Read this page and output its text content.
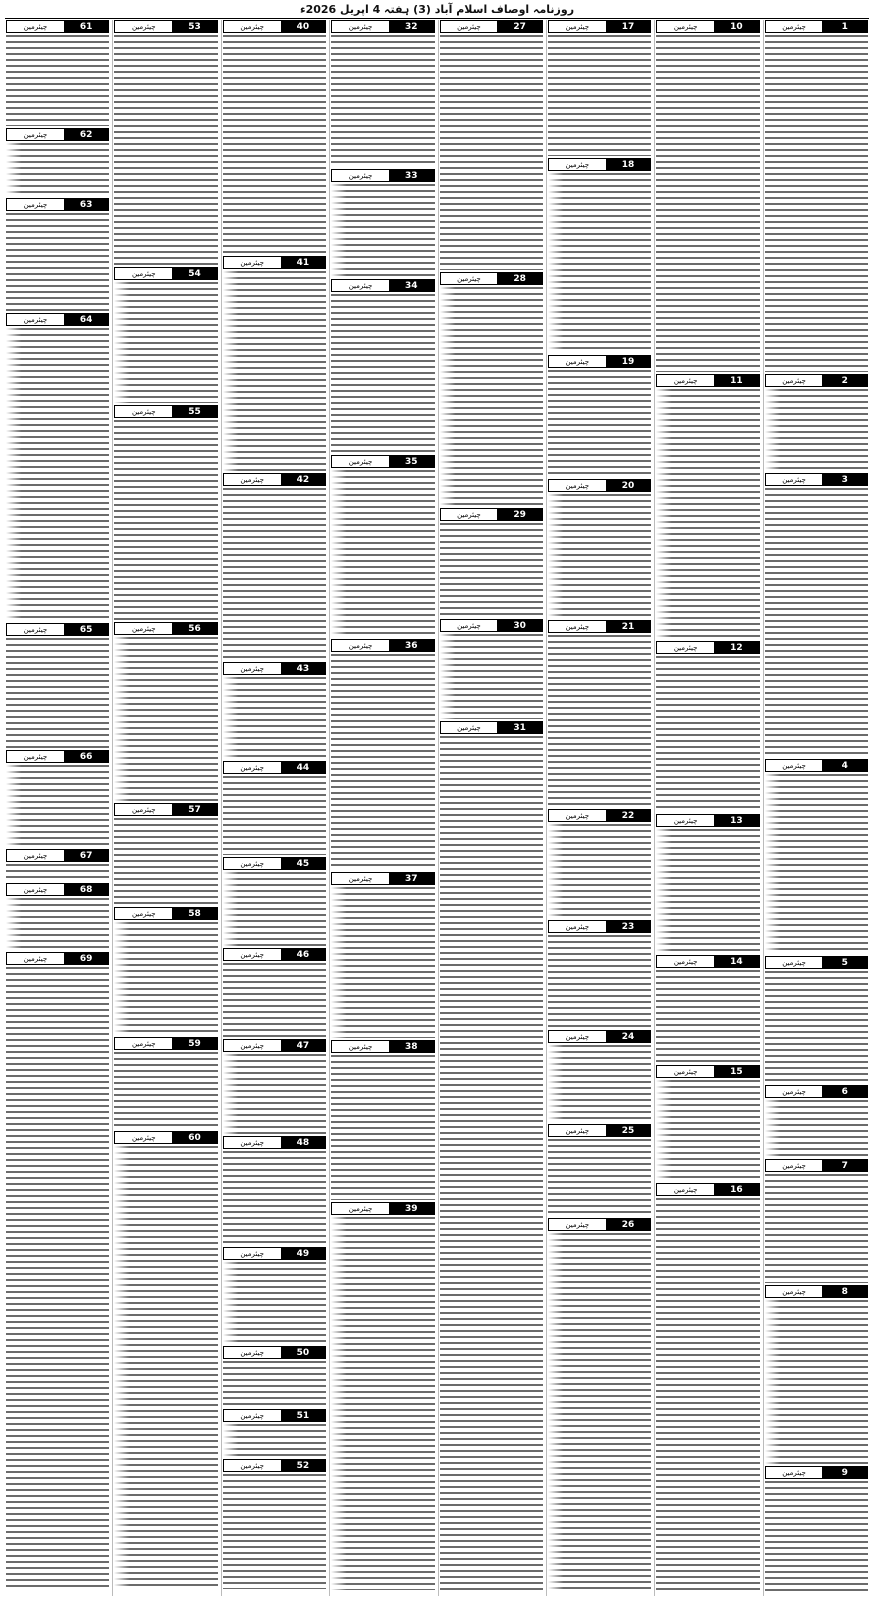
روزنامہ اوصاف اسلام آباد (3) ہفتہ 4 اپریل 2026ء
1
چیئرمین
2
چیئرمین
3
چیئرمین
4
چیئرمین
5
چیئرمین
6
چیئرمین
7
چیئرمین
8
چیئرمین
9
چیئرمین
10
چیئرمین
11
چیئرمین
12
چیئرمین
13
چیئرمین
14
چیئرمین
15
چیئرمین
16
چیئرمین
17
چیئرمین
18
چیئرمین
19
چیئرمین
20
چیئرمین
21
چیئرمین
22
چیئرمین
23
چیئرمین
24
چیئرمین
25
چیئرمین
26
چیئرمین
27
چیئرمین
28
چیئرمین
29
چیئرمین
30
چیئرمین
31
چیئرمین
32
چیئرمین
33
چیئرمین
34
چیئرمین
35
چیئرمین
36
چیئرمین
37
چیئرمین
38
چیئرمین
39
چیئرمین
40
چیئرمین
41
چیئرمین
42
چیئرمین
43
چیئرمین
44
چیئرمین
45
چیئرمین
46
چیئرمین
47
چیئرمین
48
چیئرمین
49
چیئرمین
50
چیئرمین
51
چیئرمین
52
چیئرمین
53
چیئرمین
54
چیئرمین
55
چیئرمین
56
چیئرمین
57
چیئرمین
58
چیئرمین
59
چیئرمین
60
چیئرمین
61
چیئرمین
62
چیئرمین
63
چیئرمین
64
چیئرمین
65
چیئرمین
66
چیئرمین
67
چیئرمین
68
چیئرمین
69
چیئرمین
